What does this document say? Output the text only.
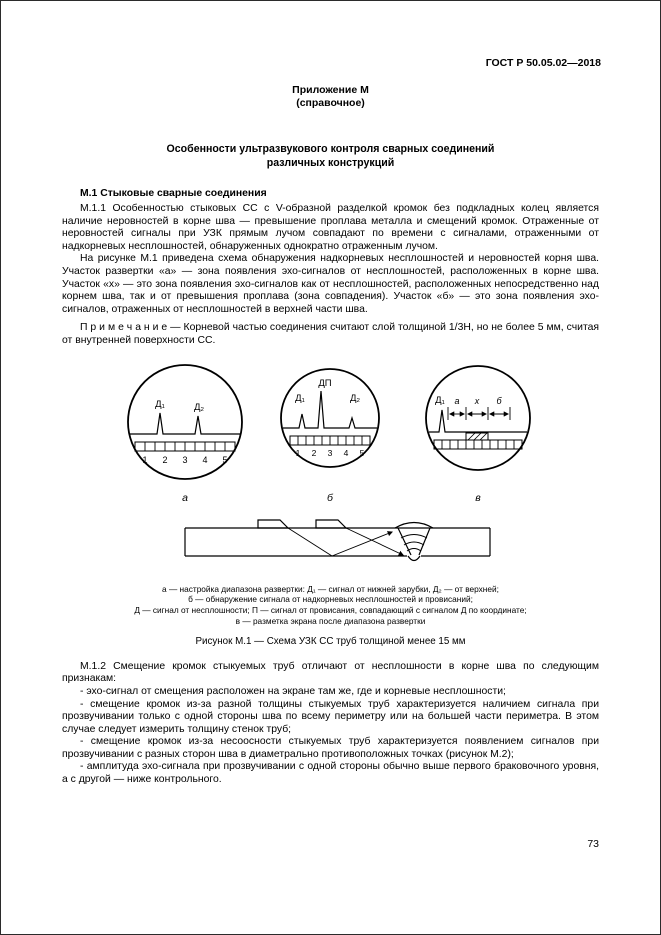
ГОСТ Р 50.05.02—2018
Приложение М
(справочное)
Особенности ультразвукового контроля сварных соединений
различных конструкций
М.1 Стыковые сварные соединения

М.1.1 Особенностью стыковых СС с V-образной разделкой кромок без подкладных колец является наличие неровностей в корне шва — превышение проплава металла и смещений кромок. Отраженные от неровностей сигналы при УЗК прямым лучом совпадают по времени с сигналами, отраженными от надкорневых несплошностей, обнаруженных однократно отраженным лучом.

На рисунке М.1 приведена схема обнаружения надкорневых несплошностей и неровностей корня шва. Участок развертки «а» — зона появления эхо-сигналов от несплошностей, расположенных в корне шва. Участок «х» — это зона появления эхо-сигналов как от несплошностей, расположенных непосредственно над корнем шва, так и от превышения проплава (зона совпадения). Участок «б» — это зона появления эхо-сигналов, отраженных от несплошностей в верхней части шва.

П р и м е ч а н и е — Корневой частью соединения считают слой толщиной 1/3Н, но не более 5 мм, считая от внутренней поверхности СС.

Д₁	Д₂
1 2 3 4 5
Д₁
ДП
Д₂
1 2 3 4 5
Д₁ а х б
а	б	в
а — настройка диапазона развертки: Д₁ — сигнал от нижней зарубки, Д₂ — от верхней;
б — обнаружение сигнала от надкорневых несплошностей и провисаний;
Д — сигнал от несплошности; П — сигнал от провисания, совпадающий с сигналом Д по координате;
в — разметка экрана после диапазона развертки
Рисунок М.1 — Схема УЗК СС труб толщиной менее 15 мм

М.1.2 Смещение кромок стыкуемых труб отличают от несплошности в корне шва по следующим признакам:

- эхо-сигнал от смещения расположен на экране там же, где и корневые несплошности;

- смещение кромок из-за разной толщины стыкуемых труб характеризуется наличием сигнала при прозвучивании только с одной стороны шва по всему периметру или на большей части периметра. В этом случае следует измерить толщину стенок труб;

- смещение кромок из-за несоосности стыкуемых труб характеризуется появлением сигналов при прозвучивании с разных сторон шва в диаметрально противоположных точках (рисунок М.2);

- амплитуда эхо-сигнала при прозвучивании с одной стороны обычно выше первого браковочного уровня, а с другой — ниже контрольного.

73
